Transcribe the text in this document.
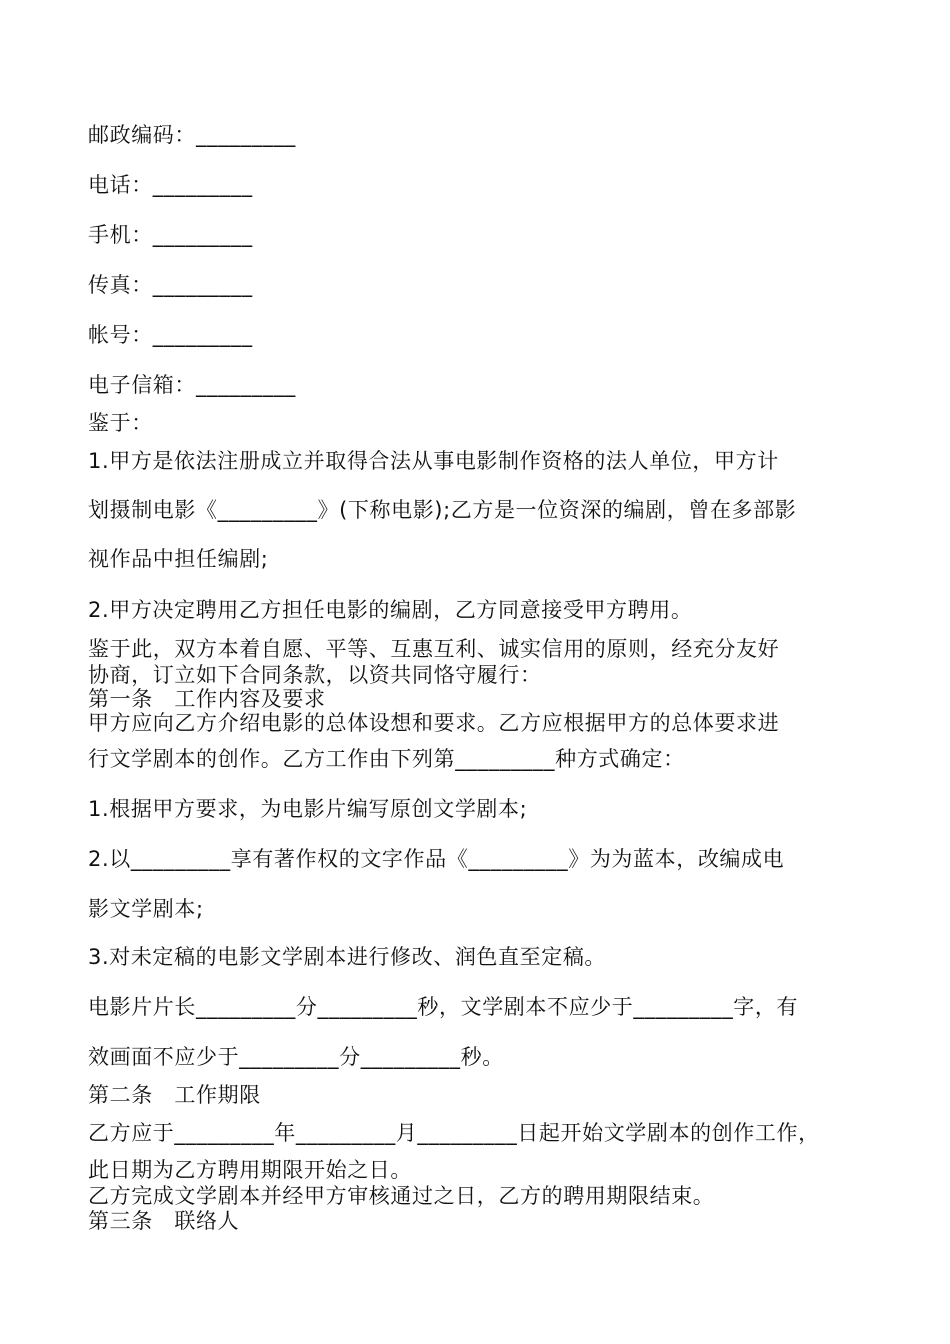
邮政编码：_________
电话：_________
手机：_________
传真：_________
帐号：_________
电子信箱：_________
鉴于：
1.甲方是依法注册成立并取得合法从事电影制作资格的法人单位，甲方计
划摄制电影《_________》(下称电影);乙方是一位资深的编剧，曾在多部影
视作品中担任编剧;
2.甲方决定聘用乙方担任电影的编剧，乙方同意接受甲方聘用。
鉴于此，双方本着自愿、平等、互惠互利、诚实信用的原则，经充分友好
协商，订立如下合同条款，以资共同恪守履行：
第一条　工作内容及要求
甲方应向乙方介绍电影的总体设想和要求。乙方应根据甲方的总体要求进
行文学剧本的创作。乙方工作由下列第_________种方式确定：
1.根据甲方要求，为电影片编写原创文学剧本;
2.以_________享有著作权的文字作品《_________》为为蓝本，改编成电
影文学剧本;
3.对未定稿的电影文学剧本进行修改、润色直至定稿。
电影片片长_________分_________秒，文学剧本不应少于_________字，有
效画面不应少于_________分_________秒。
第二条　工作期限
乙方应于_________年_________月_________日起开始文学剧本的创作工作，
此日期为乙方聘用期限开始之日。
乙方完成文学剧本并经甲方审核通过之日，乙方的聘用期限结束。
第三条　联络人
